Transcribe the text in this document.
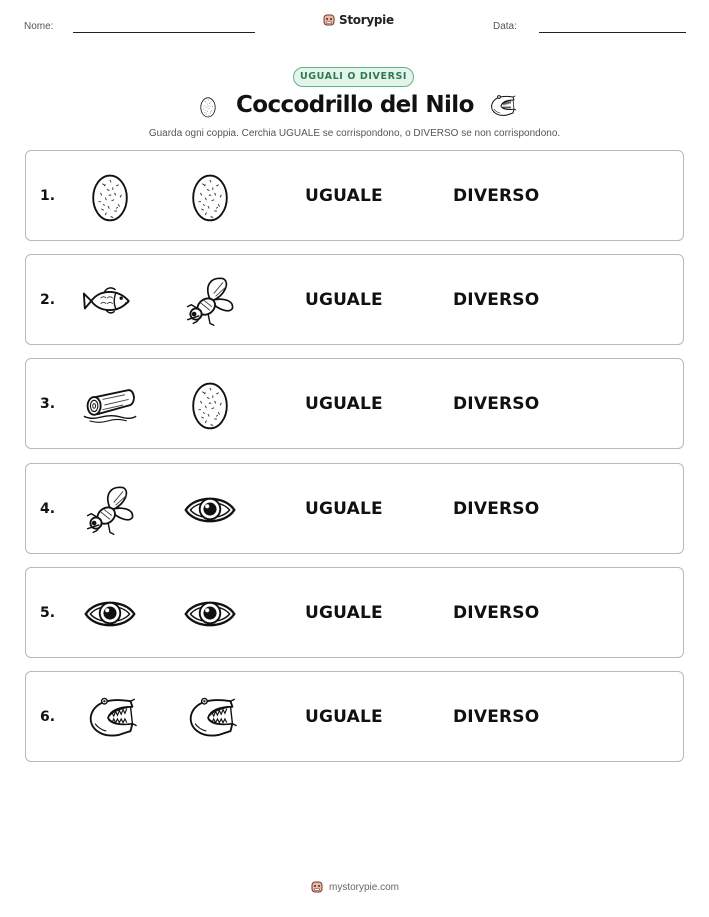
Nome:	Storypie	Data:
UGUALI O DIVERSI
Coccodrillo del Nilo
Guarda ogni coppia. Cerchia UGUALE se corrispondono, o DIVERSO se non corrispondono.
1.	UGUALE	DIVERSO
2.	UGUALE	DIVERSO
3.	UGUALE	DIVERSO
4.	UGUALE	DIVERSO
5.	UGUALE	DIVERSO
6.	UGUALE	DIVERSO
mystorypie.com
